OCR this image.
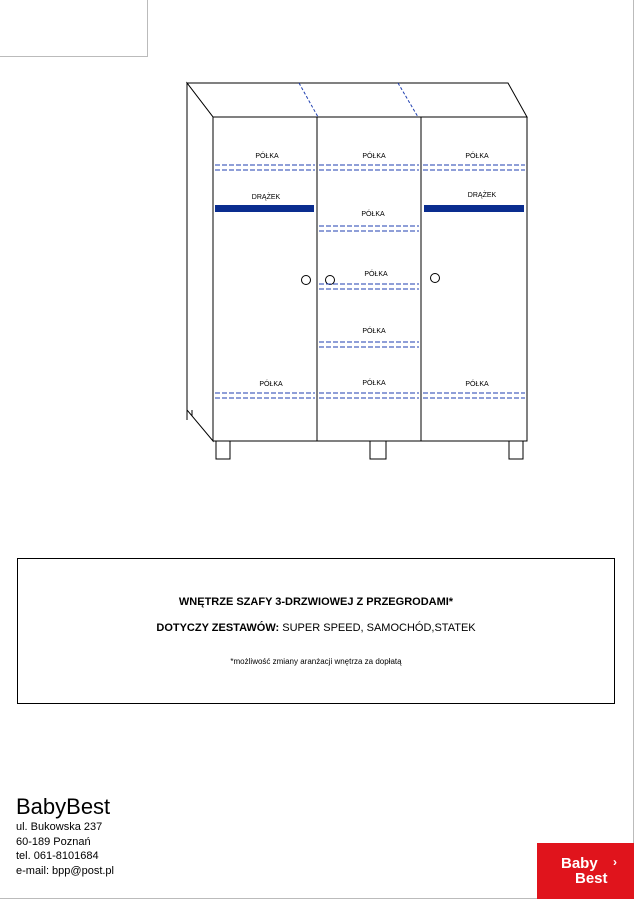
PÓŁKA
DRĄŻEK
PÓŁKA
PÓŁKA
PÓŁKA
PÓŁKA
PÓŁKA
PÓŁKA
PÓŁKA
DRĄŻEK
PÓŁKA
WNĘTRZE SZAFY 3-DRZWIOWEJ Z PRZEGRODAMI*
DOTYCZY ZESTAWÓW: SUPER SPEED, SAMOCHÓD,STATEK
*możliwość zmiany aranżacji wnętrza za dopłatą
BabyBest
ul. Bukowska 237
60-189 Poznań
tel. 061-8101684
e-mail: bpp@post.pl	Baby
Best
›
